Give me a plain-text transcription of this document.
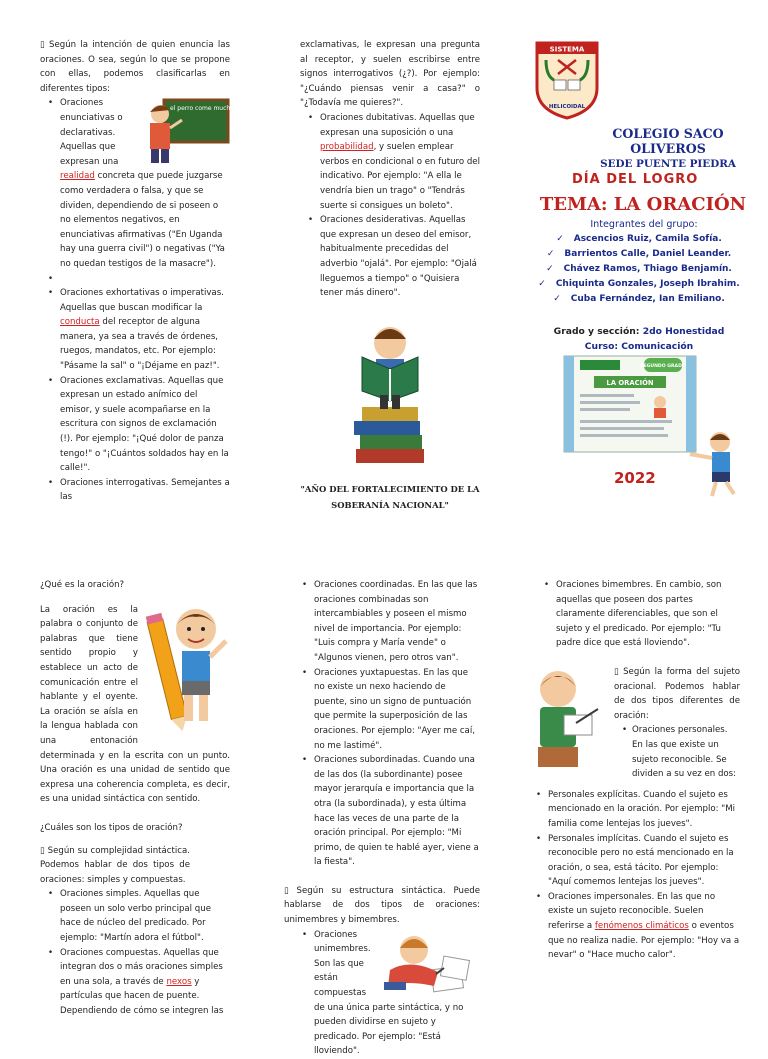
▯ Según la intención de quien enuncia las oraciones. O sea, según lo que se propone con ellas, podemos clasificarlas en diferentes tipos:

• el perro come mucho
Oraciones enunciativas o declarativas. Aquellas que expresan una realidad concreta que puede juzgarse como verdadera o falsa, y que se dividen, dependiendo de si poseen o no elementos negativos, en enunciativas afirmativas ("En Uganda hay una guerra civil") o negativas ("Ya no quedan testigos de la masacre").
•
• Oraciones exhortativas o imperativas. Aquellas que buscan modificar la conducta del receptor de alguna manera, ya sea a través de órdenes, ruegos, mandatos, etc. Por ejemplo: "Pásame la sal" o "¡Déjame en paz!".
• Oraciones exclamativas. Aquellas que expresan un estado anímico del emisor, y suele acompañarse en la escritura con signos de exclamación (!). Por ejemplo: "¡Qué dolor de panza tengo!" o "¡Cuántos soldados hay en la calle!".
• Oraciones interrogativas. Semejantes a las

exclamativas, le expresan una pregunta al receptor, y suelen escribirse entre signos interrogativos (¿?). Por ejemplo: "¿Cuándo piensas venir a casa?" o "¿Todavía me quieres?".

• Oraciones dubitativas. Aquellas que expresan una suposición o una probabilidad, y suelen emplear verbos en condicional o en futuro del indicativo. Por ejemplo: "A ella le vendría bien un trago" o "Tendrás suerte si consigues un boleto".
• Oraciones desiderativas. Aquellas que expresan un deseo del emisor, habitualmente precedidas del adverbio "ojalá". Por ejemplo: "Ojalá lleguemos a tiempo" o "Quisiera tener más dinero".
"AÑO DEL FORTALECIMIENTO DE LA SOBERANÍA NACIONAL"
SISTEMA
HELICOIDAL
COLEGIO SACO
OLIVEROS
SEDE PUENTE PIEDRA
DÍA DEL LOGRO
TEMA: LA ORACIÓN
Integrantes del grupo:
✓ Ascencios Ruiz, Camila Sofía.
✓ Barrientos Calle, Daniel Leander.
✓ Chávez Ramos, Thiago Benjamín.
✓ Chiquinta Gonzales, Joseph Ibrahim.
✓ Cuba Fernández, Ian Emiliano.
Grado y sección: 2do Honestidad
Curso: Comunicación
SEGUNDO GRADO
LA ORACIÓN
2022
¿Qué es la oración?

La oración es la palabra o conjunto de palabras que tiene sentido propio y establece un acto de comunicación entre el hablante y el oyente. La oración se aísla en la lengua hablada con una entonación determinada y en la escrita con un punto. Una oración es una unidad de sentido que expresa una coherencia completa, es decir, es una unidad sintáctica con sentido.

¿Cuáles son los tipos de oración?

▯ Según su complejidad sintáctica. Podemos hablar de dos tipos de oraciones: simples y compuestas.

• Oraciones simples. Aquellas que poseen un solo verbo principal que hace de núcleo del predicado. Por ejemplo: "Martín adora el fútbol".
• Oraciones compuestas. Aquellas que integran dos o más oraciones simples en una sola, a través de nexos y partículas que hacen de puente. Dependiendo de cómo se integren las
• Oraciones coordinadas. En las que las oraciones combinadas son intercambiables y poseen el mismo nivel de importancia. Por ejemplo: "Luis compra y María vende" o "Algunos vienen, pero otros van".
• Oraciones yuxtapuestas. En las que no existe un nexo haciendo de puente, sino un signo de puntuación que permite la superposición de las oraciones. Por ejemplo: "Ayer me caí, no me lastimé".
• Oraciones subordinadas. Cuando una de las dos (la subordinante) posee mayor jerarquía e importancia que la otra (la subordinada), y esta última hace las veces de una parte de la oración principal. Por ejemplo: "Mi primo, de quien te hablé ayer, viene a la fiesta".

▯ Según su estructura sintáctica. Puede hablarse de dos tipos de oraciones: unimembres y bimembres.

• Oraciones unimembres. Son las que están compuestas de una única parte sintáctica, y no pueden dividirse en sujeto y predicado. Por ejemplo: "Está lloviendo".
• Oraciones bimembres. En cambio, son aquellas que poseen dos partes claramente diferenciables, que son el sujeto y el predicado. Por ejemplo: "Tu padre dice que está lloviendo".

▯ Según la forma del sujeto oracional. Podemos hablar de dos tipos diferentes de oración:

• Oraciones personales. En las que existe un sujeto reconocible. Se dividen a su vez en dos:
• Personales explícitas. Cuando el sujeto es mencionado en la oración. Por ejemplo: "Mi familia come lentejas los jueves".
• Personales implícitas. Cuando el sujeto es reconocible pero no está mencionado en la oración, o sea, está tácito. Por ejemplo: "Aquí comemos lentejas los jueves".
• Oraciones impersonales. En las que no existe un sujeto reconocible. Suelen referirse a fenómenos climáticos o eventos que no realiza nadie. Por ejemplo: "Hoy va a nevar" o "Hace mucho calor".
